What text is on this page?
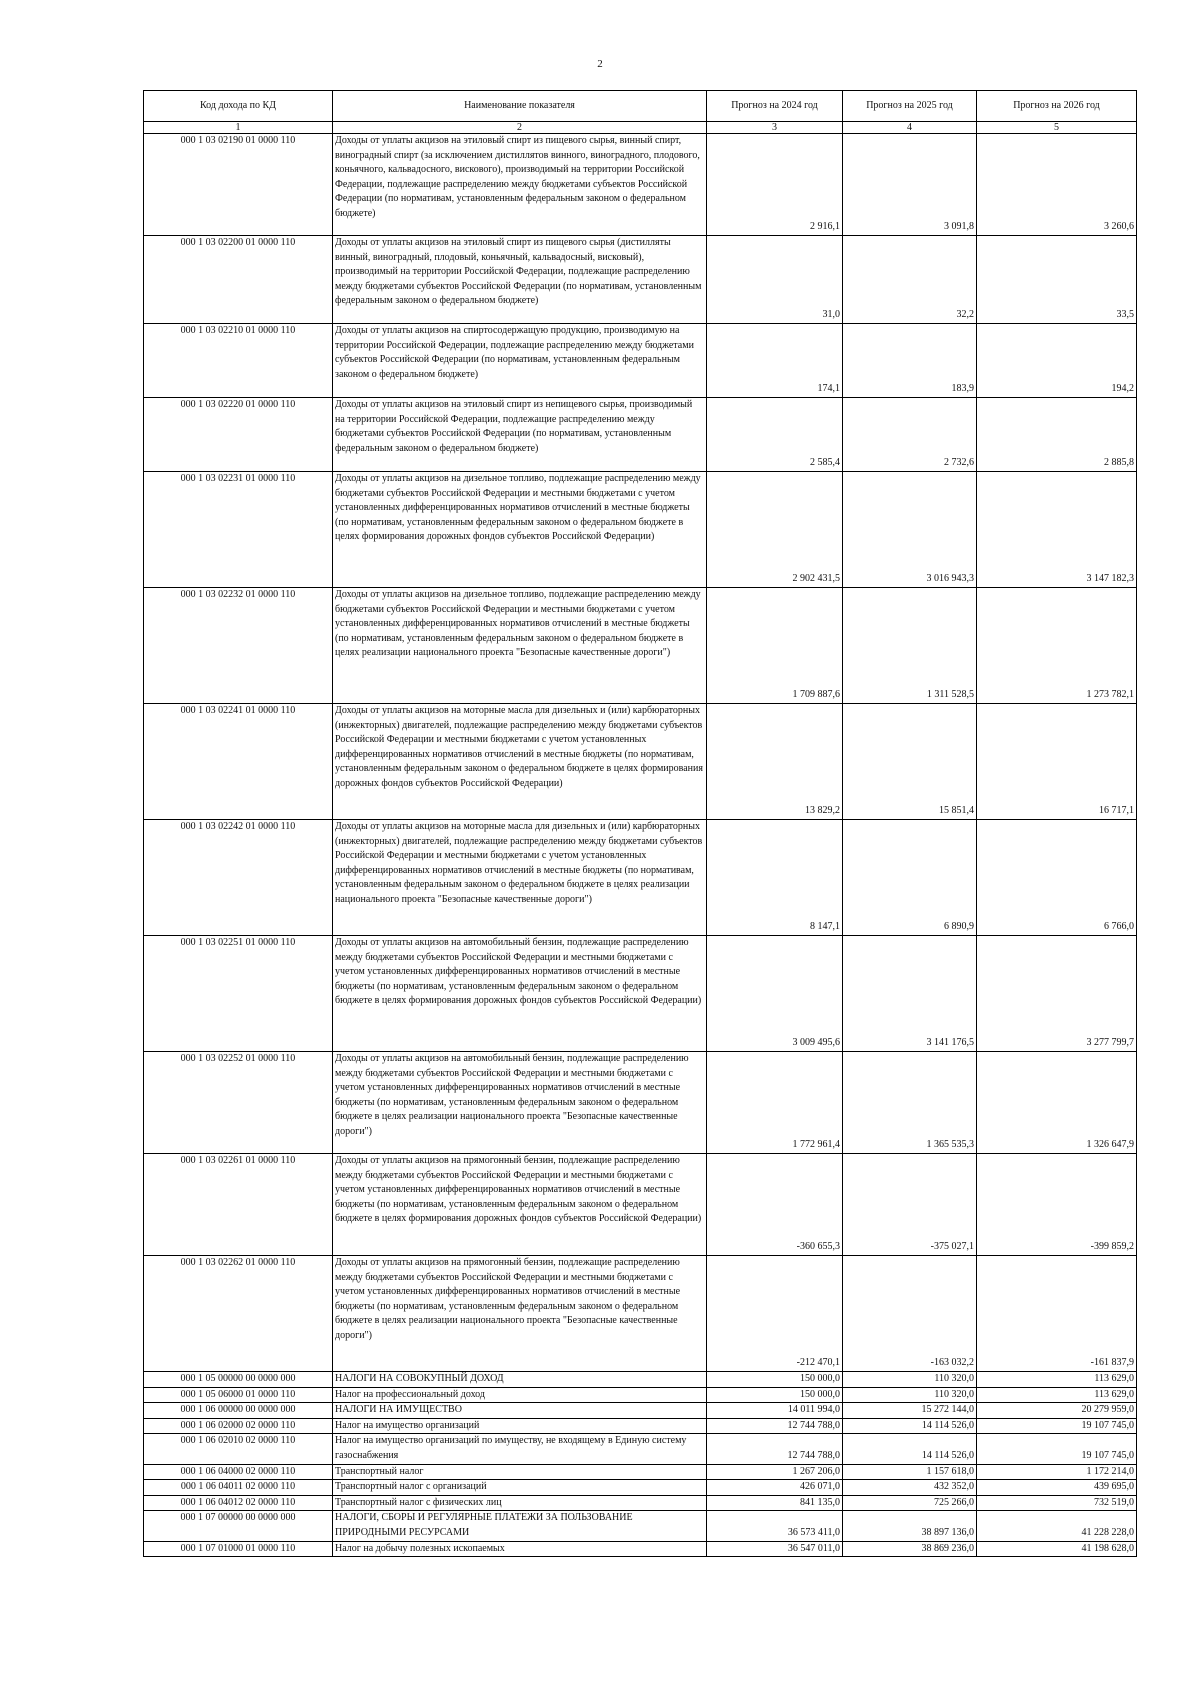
2
Код дохода по КД	Наименование показателя	Прогноз на 2024 год	Прогноз на 2025 год	Прогноз на 2026 год
1	2	3	4	5
000 1 03 02190 01 0000 110	Доходы от уплаты акцизов на этиловый спирт из пищевого сырья, винный спирт, виноградный спирт (за исключением дистиллятов винного, виноградного, плодового, коньячного, кальвадосного, вискового), производимый на территории Российской Федерации, подлежащие распределению между бюджетами субъектов Российской Федерации (по нормативам, установленным федеральным законом о федеральном бюджете)	2 916,1	3 091,8	3 260,6
000 1 03 02200 01 0000 110	Доходы от уплаты акцизов на этиловый спирт из пищевого сырья (дистилляты винный, виноградный, плодовый, коньячный, кальвадосный, висковый), производимый на территории Российской Федерации, подлежащие распределению между бюджетами субъектов Российской Федерации (по нормативам, установленным федеральным законом о федеральном бюджете)	31,0	32,2	33,5
000 1 03 02210 01 0000 110	Доходы от уплаты акцизов на спиртосодержащую продукцию, производимую на территории Российской Федерации, подлежащие распределению между бюджетами субъектов Российской Федерации (по нормативам, установленным федеральным законом о федеральном бюджете)	174,1	183,9	194,2
000 1 03 02220 01 0000 110	Доходы от уплаты акцизов на этиловый спирт из непищевого сырья, производимый на территории Российской Федерации, подлежащие распределению между бюджетами субъектов Российской Федерации (по нормативам, установленным федеральным законом о федеральном бюджете)	2 585,4	2 732,6	2 885,8
000 1 03 02231 01 0000 110	Доходы от уплаты акцизов на дизельное топливо, подлежащие распределению между бюджетами субъектов Российской Федерации и местными бюджетами с учетом установленных дифференцированных нормативов отчислений в местные бюджеты (по нормативам, установленным федеральным законом о федеральном бюджете в целях формирования дорожных фондов субъектов Российской Федерации)	2 902 431,5	3 016 943,3	3 147 182,3
000 1 03 02232 01 0000 110	Доходы от уплаты акцизов на дизельное топливо, подлежащие распределению между бюджетами субъектов Российской Федерации и местными бюджетами с учетом установленных дифференцированных нормативов отчислений в местные бюджеты (по нормативам, установленным федеральным законом о федеральном бюджете в целях реализации национального проекта "Безопасные качественные дороги")	1 709 887,6	1 311 528,5	1 273 782,1
000 1 03 02241 01 0000 110	Доходы от уплаты акцизов на моторные масла для дизельных и (или) карбюраторных (инжекторных) двигателей, подлежащие распределению между бюджетами субъектов Российской Федерации и местными бюджетами с учетом установленных дифференцированных нормативов отчислений в местные бюджеты (по нормативам, установленным федеральным законом о федеральном бюджете в целях формирования дорожных фондов субъектов Российской Федерации)	13 829,2	15 851,4	16 717,1
000 1 03 02242 01 0000 110	Доходы от уплаты акцизов на моторные масла для дизельных и (или) карбюраторных (инжекторных) двигателей, подлежащие распределению между бюджетами субъектов Российской Федерации и местными бюджетами с учетом установленных дифференцированных нормативов отчислений в местные бюджеты (по нормативам, установленным федеральным законом о федеральном бюджете в целях реализации национального проекта "Безопасные качественные дороги")	8 147,1	6 890,9	6 766,0
000 1 03 02251 01 0000 110	Доходы от уплаты акцизов на автомобильный бензин, подлежащие распределению между бюджетами субъектов Российской Федерации и местными бюджетами с учетом установленных дифференцированных нормативов отчислений в местные бюджеты (по нормативам, установленным федеральным законом о федеральном бюджете в целях формирования дорожных фондов субъектов Российской Федерации)	3 009 495,6	3 141 176,5	3 277 799,7
000 1 03 02252 01 0000 110	Доходы от уплаты акцизов на автомобильный бензин, подлежащие распределению между бюджетами субъектов Российской Федерации и местными бюджетами с учетом установленных дифференцированных нормативов отчислений в местные бюджеты (по нормативам, установленным федеральным законом о федеральном бюджете в целях реализации национального проекта "Безопасные качественные дороги")	1 772 961,4	1 365 535,3	1 326 647,9
000 1 03 02261 01 0000 110	Доходы от уплаты акцизов на прямогонный бензин, подлежащие распределению между бюджетами субъектов Российской Федерации и местными бюджетами с учетом установленных дифференцированных нормативов отчислений в местные бюджеты (по нормативам, установленным федеральным законом о федеральном бюджете в целях формирования дорожных фондов субъектов Российской Федерации)	-360 655,3	-375 027,1	-399 859,2
000 1 03 02262 01 0000 110	Доходы от уплаты акцизов на прямогонный бензин, подлежащие распределению между бюджетами субъектов Российской Федерации и местными бюджетами с учетом установленных дифференцированных нормативов отчислений в местные бюджеты (по нормативам, установленным федеральным законом о федеральном бюджете в целях реализации национального проекта "Безопасные качественные дороги")	-212 470,1	-163 032,2	-161 837,9
000 1 05 00000 00 0000 000	НАЛОГИ НА СОВОКУПНЫЙ ДОХОД	150 000,0	110 320,0	113 629,0
000 1 05 06000 01 0000 110	Налог на профессиональный доход	150 000,0	110 320,0	113 629,0
000 1 06 00000 00 0000 000	НАЛОГИ НА ИМУЩЕСТВО	14 011 994,0	15 272 144,0	20 279 959,0
000 1 06 02000 02 0000 110	Налог на имущество организаций	12 744 788,0	14 114 526,0	19 107 745,0
000 1 06 02010 02 0000 110	Налог на имущество организаций по имуществу, не входящему в Единую систему газоснабжения	12 744 788,0	14 114 526,0	19 107 745,0
000 1 06 04000 02 0000 110	Транспортный налог	1 267 206,0	1 157 618,0	1 172 214,0
000 1 06 04011 02 0000 110	Транспортный налог с организаций	426 071,0	432 352,0	439 695,0
000 1 06 04012 02 0000 110	Транспортный налог с физических лиц	841 135,0	725 266,0	732 519,0
000 1 07 00000 00 0000 000	НАЛОГИ, СБОРЫ И РЕГУЛЯРНЫЕ ПЛАТЕЖИ ЗА ПОЛЬЗОВАНИЕ ПРИРОДНЫМИ РЕСУРСАМИ	36 573 411,0	38 897 136,0	41 228 228,0
000 1 07 01000 01 0000 110	Налог на добычу полезных ископаемых	36 547 011,0	38 869 236,0	41 198 628,0
